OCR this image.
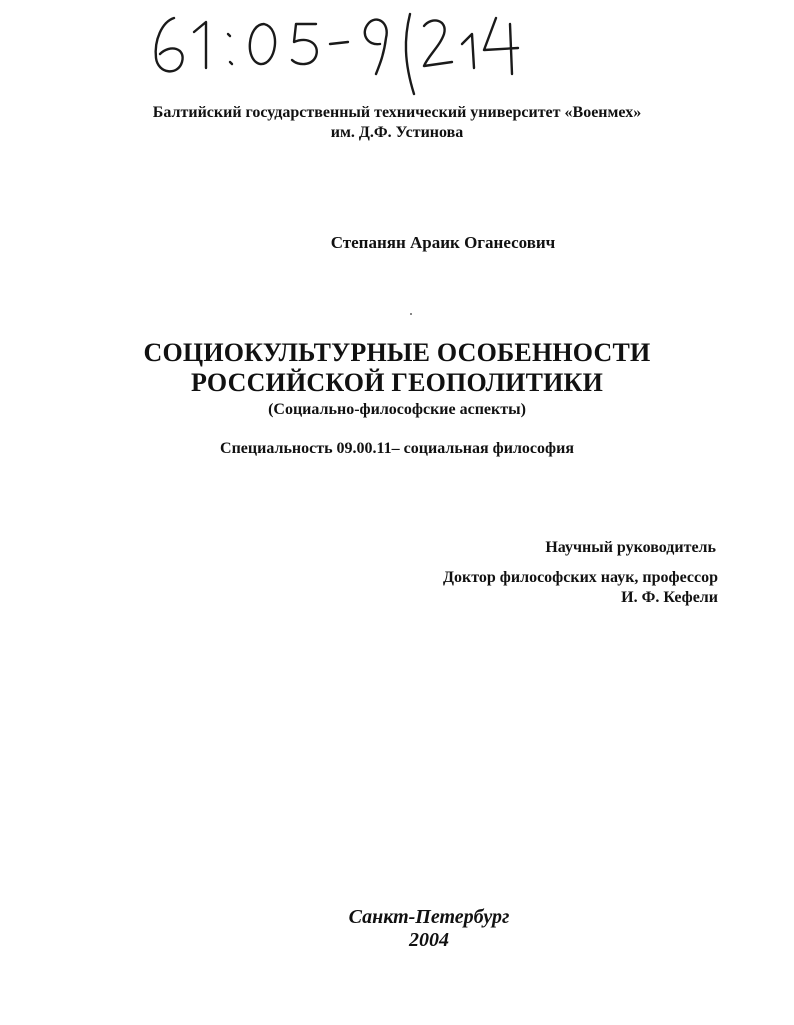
Балтийский государственный технический университет «Военмех»
им. Д.Ф. Устинова
Степанян Араик Оганесович
СОЦИОКУЛЬТУРНЫЕ ОСОБЕННОСТИ
РОССИЙСКОЙ ГЕОПОЛИТИКИ
(Социально-философские аспекты)
Специальность 09.00.11– социальная философия
Научный руководитель
Доктор философских наук, профессор
И. Ф. Кефели
Санкт-Петербург
2004
